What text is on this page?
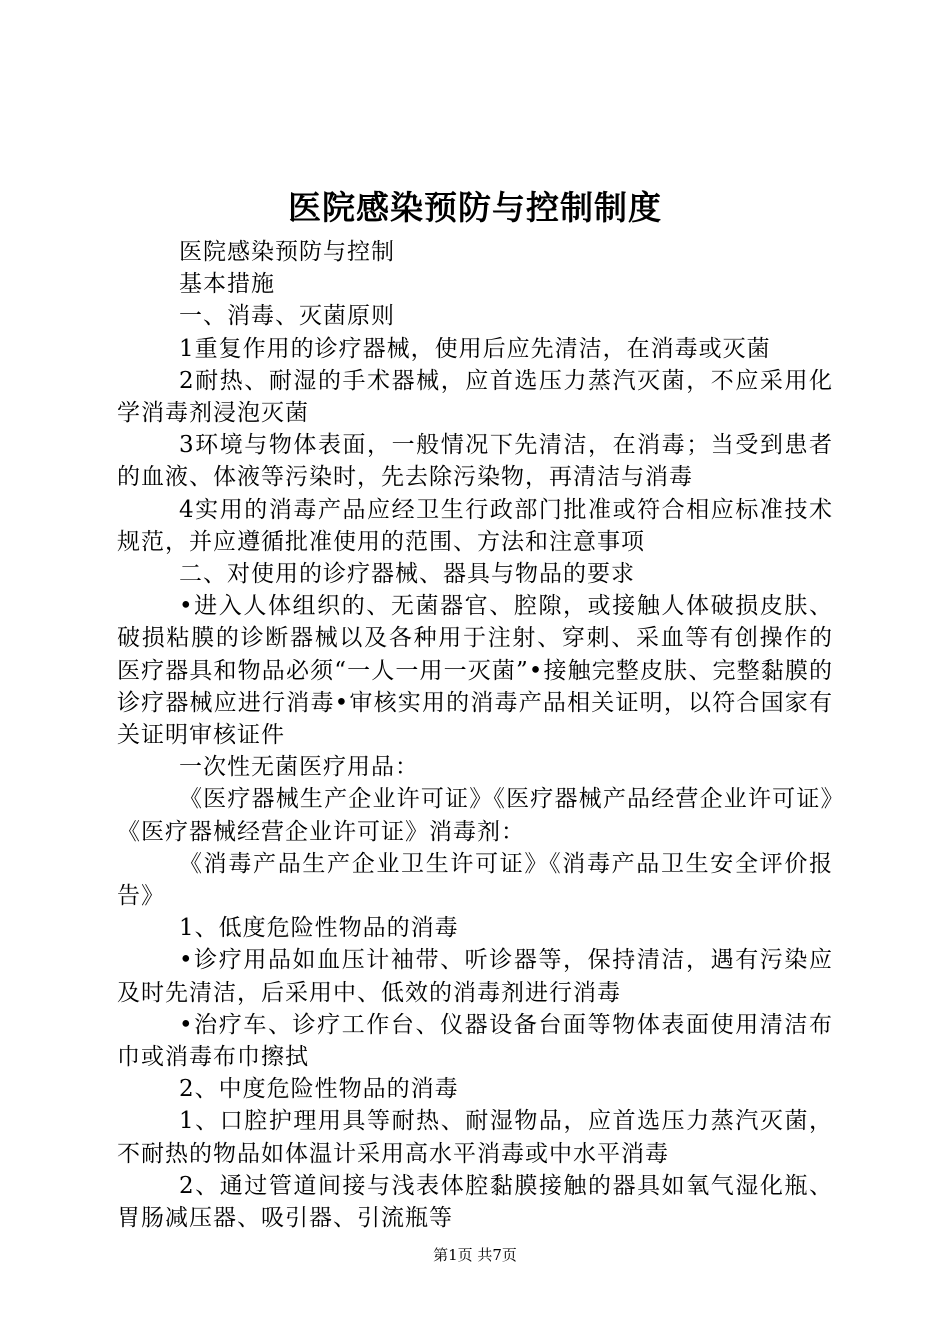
医院感染预防与控制制度

医院感染预防与控制

基本措施

一、消毒、灭菌原则

1重复作用的诊疗器械，使用后应先清洁，在消毒或灭菌

2耐热、耐湿的手术器械，应首选压力蒸汽灭菌，不应采用化学消毒剂浸泡灭菌

3环境与物体表面，一般情况下先清洁，在消毒；当受到患者的血液、体液等污染时，先去除污染物，再清洁与消毒

4实用的消毒产品应经卫生行政部门批准或符合相应标准技术规范，并应遵循批准使用的范围、方法和注意事项

二、对使用的诊疗器械、器具与物品的要求

•进入人体组织的、无菌器官、腔隙，或接触人体破损皮肤、破损粘膜的诊断器械以及各种用于注射、穿刺、采血等有创操作的医疗器具和物品必须“一人一用一灭菌”•接触完整皮肤、完整黏膜的诊疗器械应进行消毒•审核实用的消毒产品相关证明，以符合国家有关证明审核证件

一次性无菌医疗用品：

《医疗器械生产企业许可证》《医疗器械产品经营企业许可证》《医疗器械经营企业许可证》消毒剂：

《消毒产品生产企业卫生许可证》《消毒产品卫生安全评价报告》

1、低度危险性物品的消毒

•诊疗用品如血压计袖带、听诊器等，保持清洁，遇有污染应及时先清洁，后采用中、低效的消毒剂进行消毒

•治疗车、诊疗工作台、仪器设备台面等物体表面使用清洁布巾或消毒布巾擦拭

2、中度危险性物品的消毒

1、口腔护理用具等耐热、耐湿物品，应首选压力蒸汽灭菌，不耐热的物品如体温计采用高水平消毒或中水平消毒

2、通过管道间接与浅表体腔黏膜接触的器具如氧气湿化瓶、胃肠减压器、吸引器、引流瓶等

第1页 共7页
